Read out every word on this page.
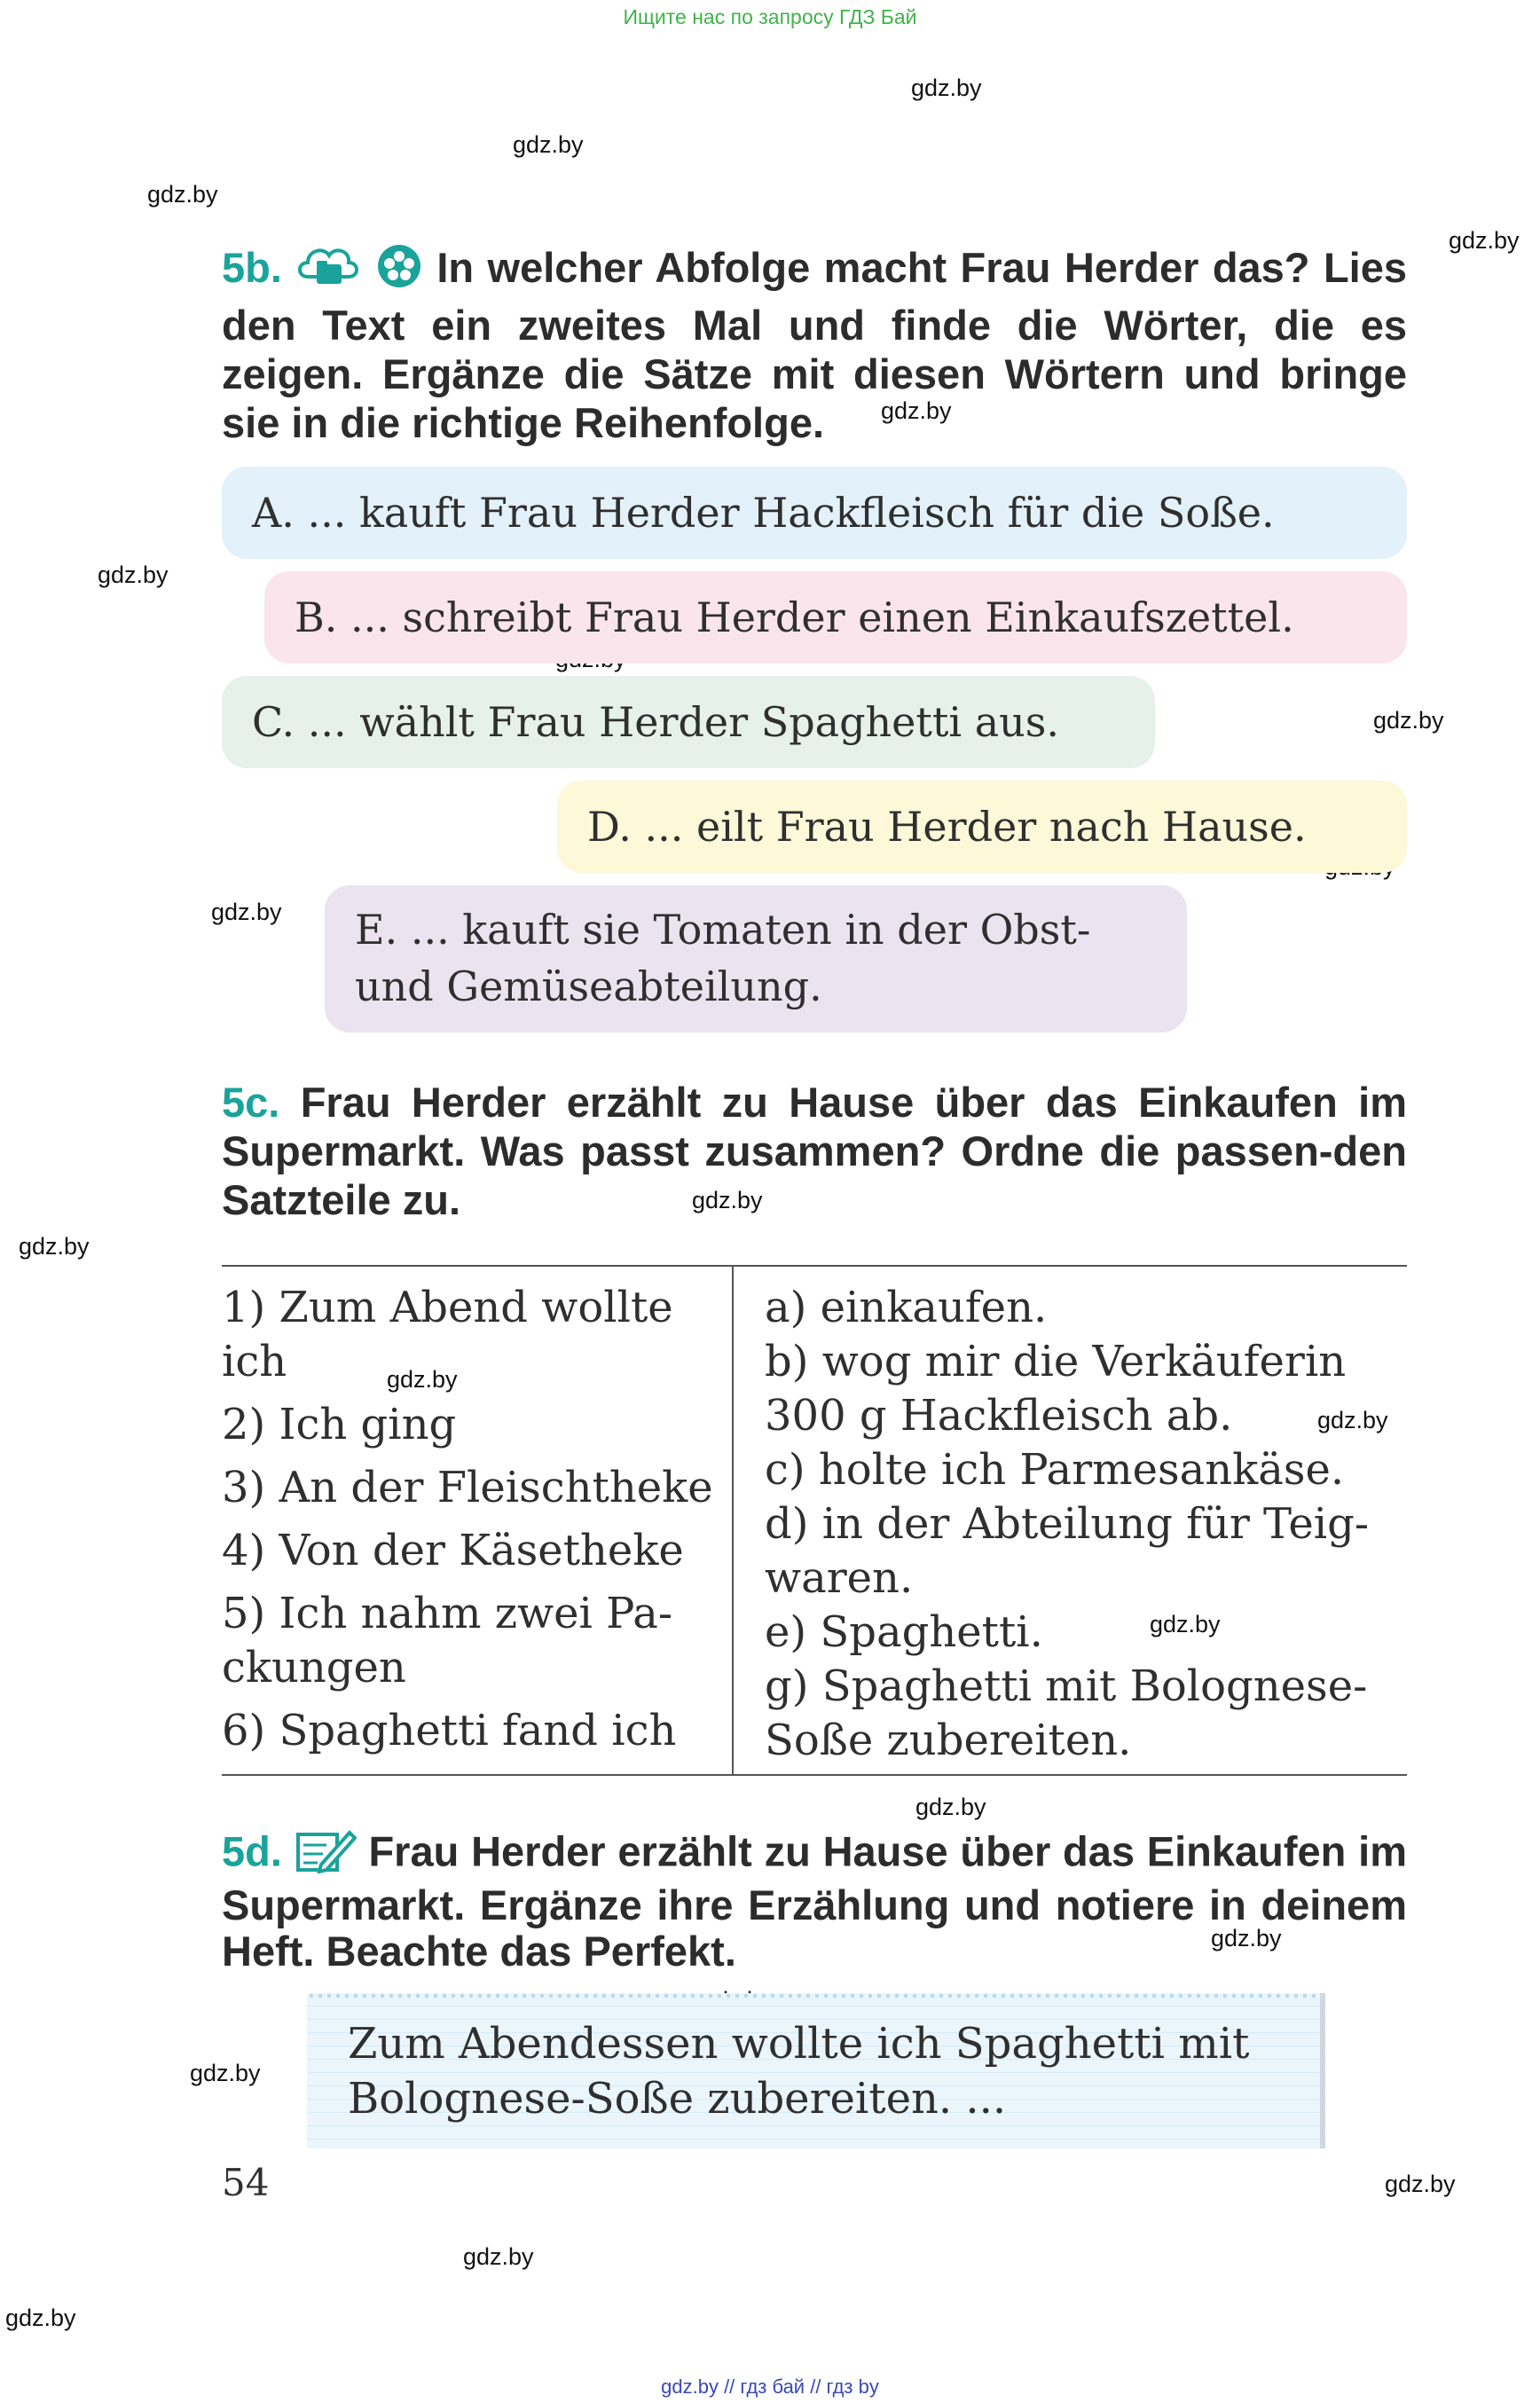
Ищите нас по запросу ГДЗ Бай
gdz.by // гдз бай // гдз by
gdz.by
gdz.by
gdz.by
gdz.by
gdz.by
gdz.by
gdz.by
gdz.by
gdz.by
gdz.by
gdz.by
gdz.by
gdz.by
gdz.by
gdz.by
gdz.by
gdz.by
gdz.by
gdz.by
5b.	In welcher Abfolge macht Frau Herder das? Lies den Text ein zweites Mal und finde die Wörter, die es zeigen. Ergänze die Sätze mit diesen Wörtern und bringe sie in die richtige Reihenfolge.
A. ... kauft Frau Herder Hackfleisch für die Soße.
B. ... schreibt Frau Herder einen Einkaufszettel.
C. ... wählt Frau Herder Spaghetti aus.
D. ... eilt Frau Herder nach Hause.
E. ... kauft sie Tomaten in der Obst-
und Gemüseabteilung.
5c. Frau Herder erzählt zu Hause über das Einkaufen im Supermarkt. Was passt zusammen? Ordne die passen-den Satzteile zu.
1) Zum Abend wollte
ich
2) Ich ging
3) An der Fleischtheke
4) Von der Käsetheke
5) Ich nahm zwei Pa-
ckungen
6) Spaghetti fand ich
a) einkaufen.
b) wog mir die Verkäuferin
300 g Hackfleisch ab.
c) holte ich Parmesankäse.
d) in der Abteilung für Teig-
waren.
e) Spaghetti.
g) Spaghetti mit Bolognese-
Soße zubereiten.
5d. Frau Herder erzählt zu Hause über das Einkaufen im Supermarkt. Ergänze ihre Erzählung und notiere in deinem Heft. Beachte das Perfekt.
Zum Abendessen wollte ich Spaghetti mit
Bolognese-Soße zubereiten. ...
54
